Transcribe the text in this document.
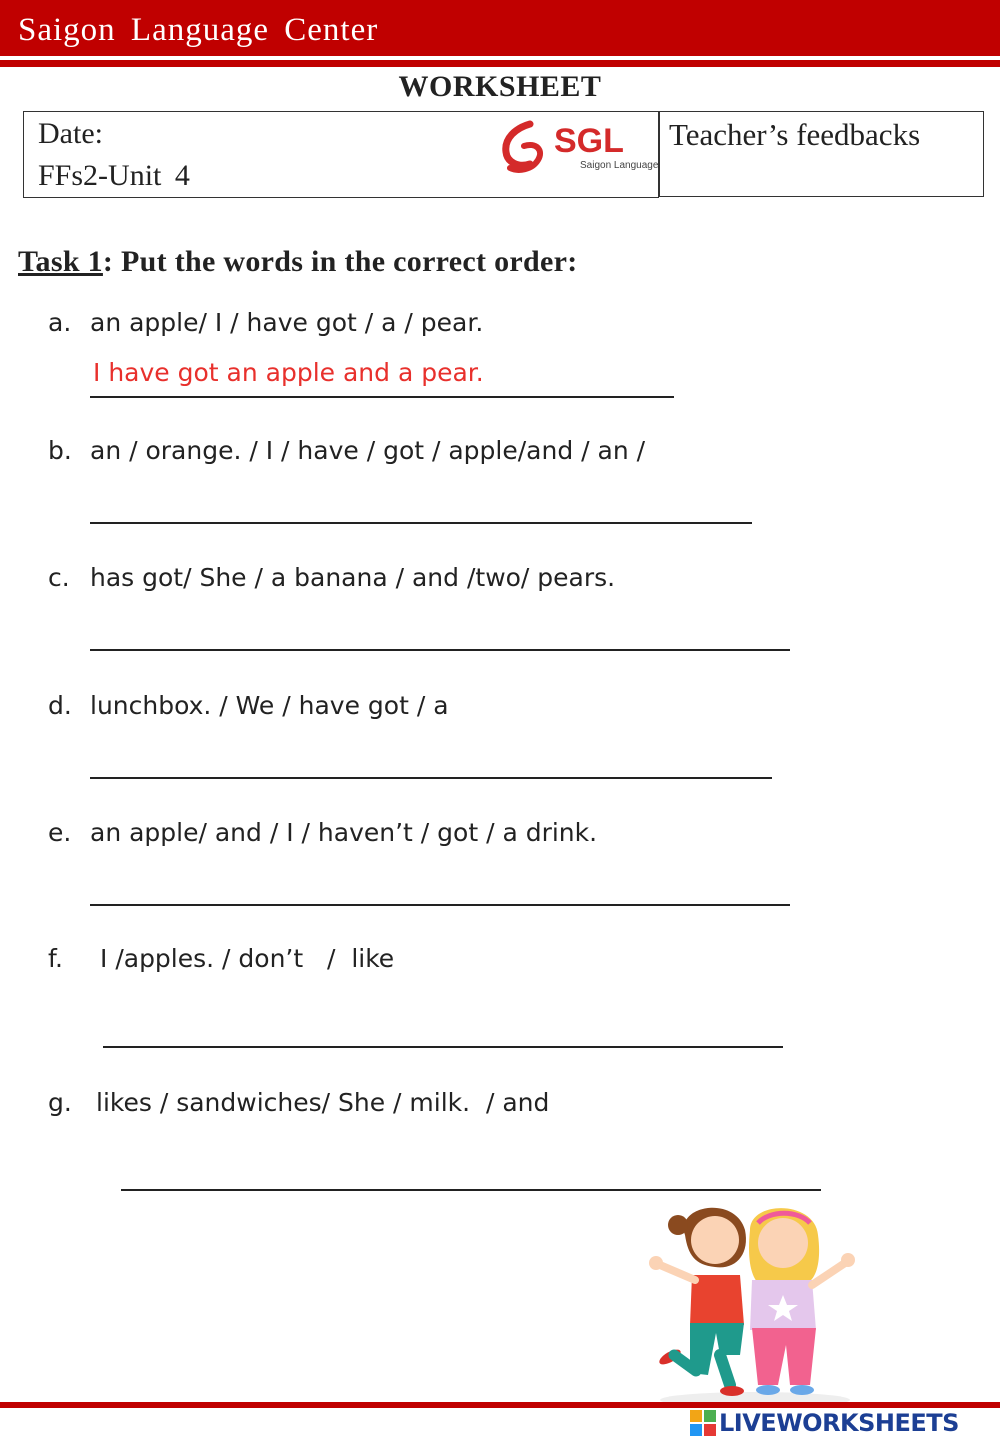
Saigon Language Center
WORKSHEET
Date:
FFs2-Unit 4
SGL
Saigon Language
Teacher’s feedbacks
Task 1: Put the words in the correct order:
a. an apple/ I / have got / a / pear.
I have got an apple and a pear.
b. an / orange. / I / have / got / apple/and / an /
c. has got/ She / a banana / and /two/ pears.
d. lunchbox. / We / have got / a
e. an apple/ and / I / haven’t / got / a drink.
f. I /apples. / don’t   /  like
g. likes / sandwiches/ She / milk.  / and
LIVEWORKSHEETS
